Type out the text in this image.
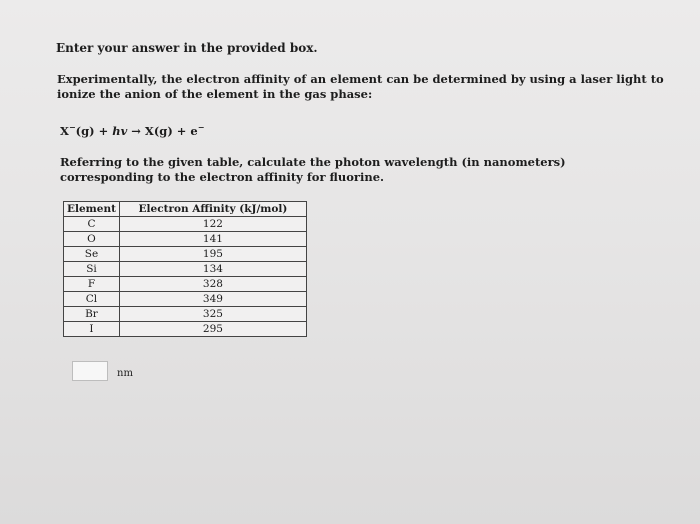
Enter your answer in the provided box.

Experimentally, the electron affinity of an element can be determined by using a laser light to ionize the anion of the element in the gas phase:

X−(g) + hv → X(g) + e−

Referring to the given table, calculate the photon wavelength (in nanometers) corresponding to the electron affinity for fluorine.

Element	Electron Affinity (kJ/mol)
C	122
O	141
Se	195
Si	134
F	328
Cl	349
Br	325
I	295
nm
